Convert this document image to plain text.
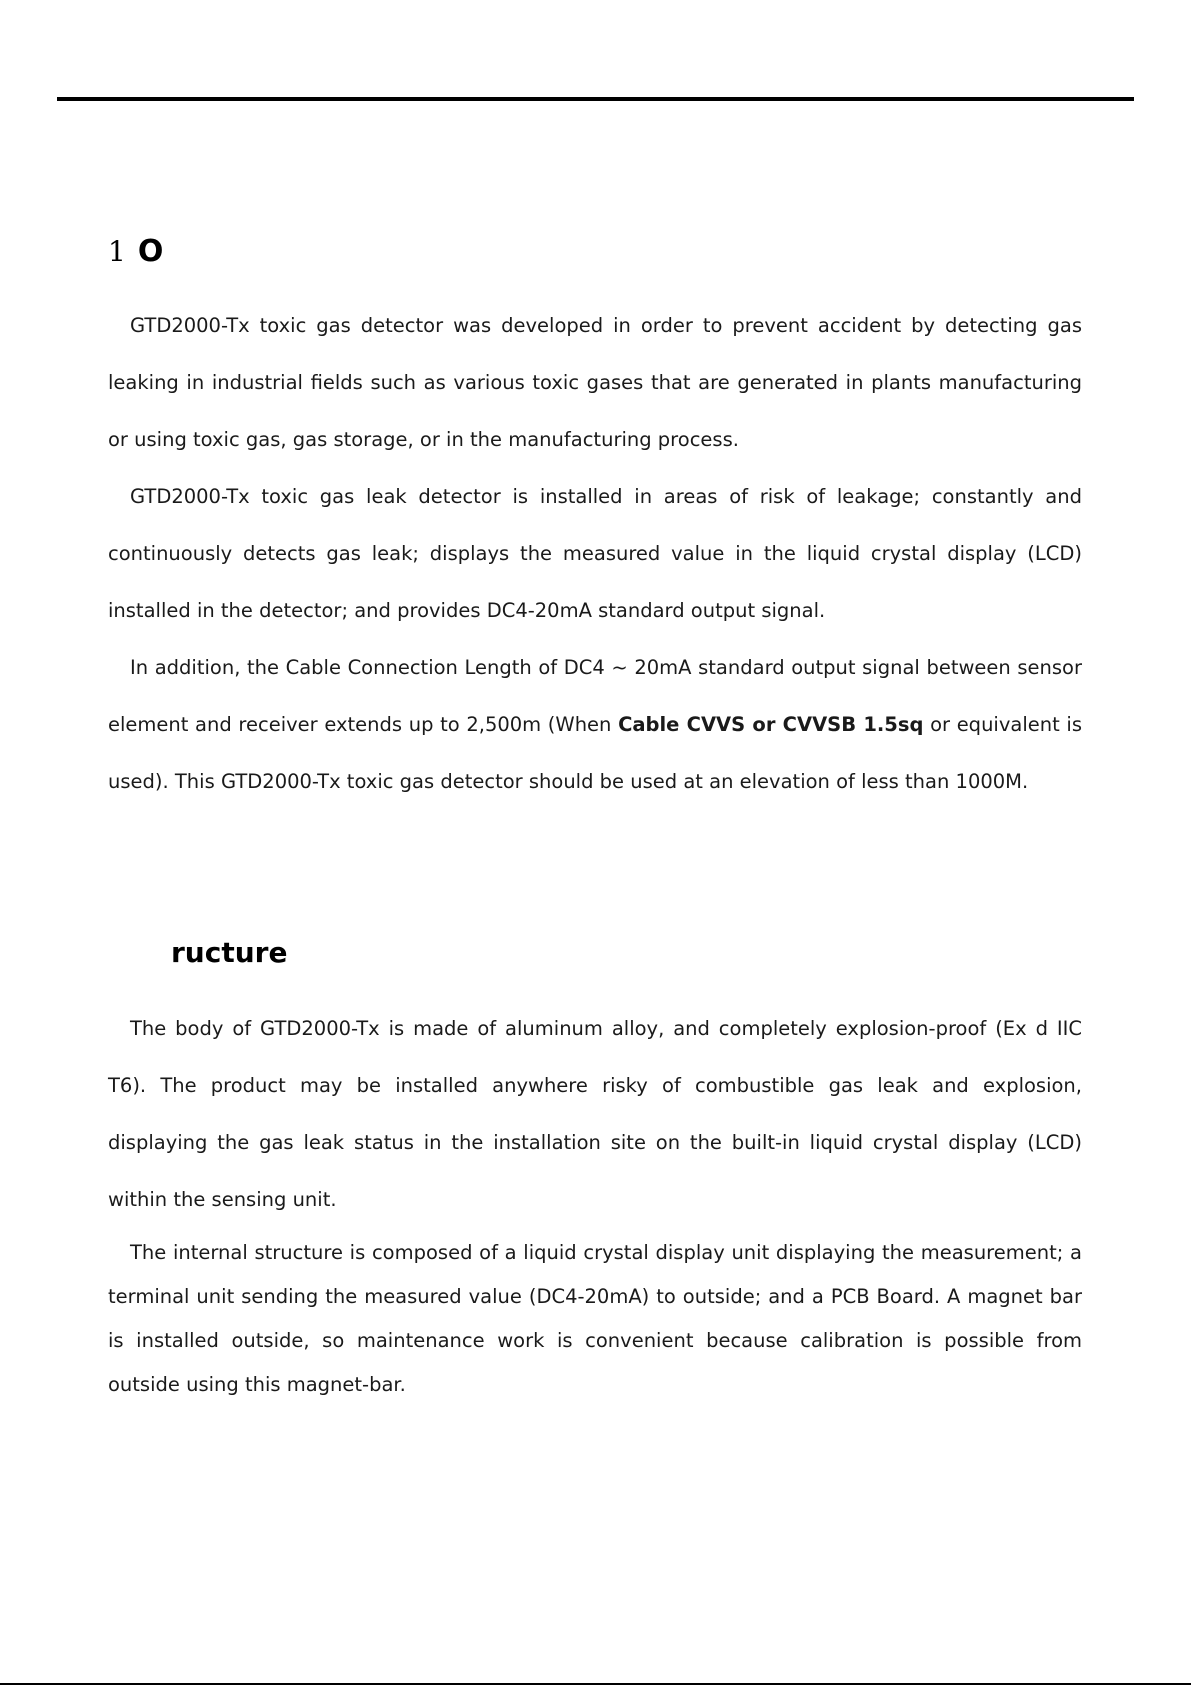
1 O

GTD2000-Tx toxic gas detector was developed in order to prevent accident by detecting gas leaking in industrial fields such as various toxic gases that are generated in plants manufacturing or using toxic gas, gas storage, or in the manufacturing process.

GTD2000-Tx toxic gas leak detector is installed in areas of risk of leakage; constantly and continuously detects gas leak; displays the measured value in the liquid crystal display (LCD) installed in the detector; and provides DC4-20mA standard output signal.

In addition, the Cable Connection Length of DC4 ~ 20mA standard output signal between sensor element and receiver extends up to 2,500m (When Cable CVVS or CVVSB 1.5sq or equivalent is used). This GTD2000-Tx toxic gas detector should be used at an elevation of less than 1000M.

ructure

The body of GTD2000-Tx is made of aluminum alloy, and completely explosion-proof (Ex d IIC T6). The product may be installed anywhere risky of combustible gas leak and explosion, displaying the gas leak status in the installation site on the built-in liquid crystal display (LCD) within the sensing unit.

The internal structure is composed of a liquid crystal display unit displaying the measurement; a terminal unit sending the measured value (DC4-20mA) to outside; and a PCB Board. A magnet bar is installed outside, so maintenance work is convenient because calibration is possible from outside using this magnet-bar.
